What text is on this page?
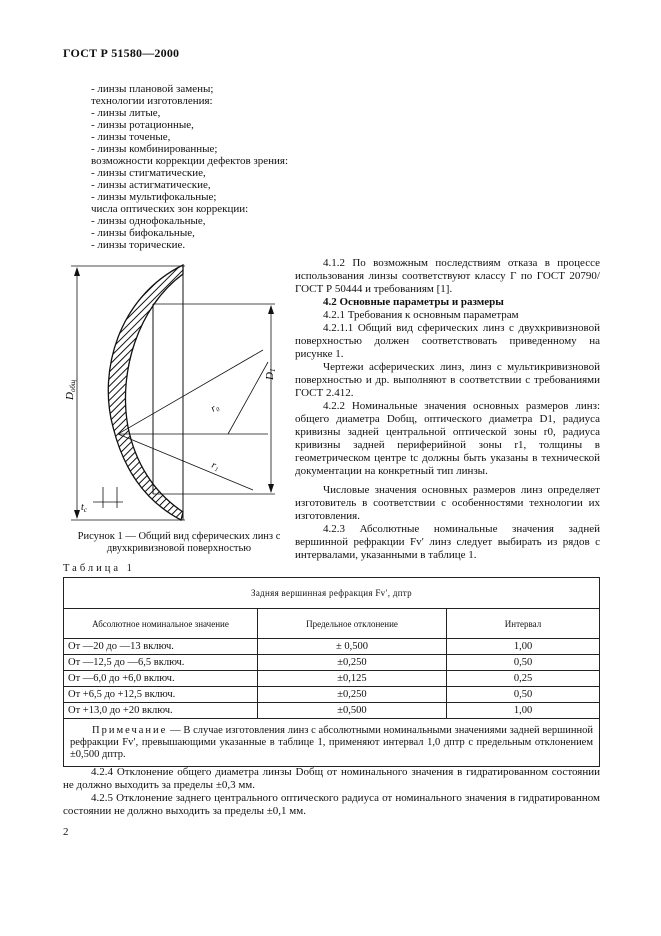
ГОСТ Р 51580—2000
- линзы плановой замены;
технологии изготовления:
- линзы литые,
- линзы ротационные,
- линзы точеные,
- линзы комбинированные;
возможности коррекции дефектов зрения:
- линзы стигматические,
- линзы астигматические,
- линзы мультифокальные;
числа оптических зон коррекции:
- линзы однофокальные,
- линзы бифокальные,
- линзы торические.
Dобщ
D1
r₀
r₁
$t_c$
Рисунок 1 — Общий вид сферических линз с двухкривизновой поверхностью
4.1.2 По возможным последствиям отказа в процессе использования линзы соответствуют классу Г по ГОСТ 20790/ГОСТ Р 50444 и требованиям [1].
4.2 Основные параметры и размеры
4.2.1 Требования к основным параметрам
4.2.1.1 Общий вид сферических линз с двухкривизновой поверхностью должен соответствовать приведенному на рисунке 1.
Чертежи асферических линз, линз с мультикривизновой поверхностью и др. выполняют в соответствии с требованиями ГОСТ 2.412.
4.2.2 Номинальные значения основных размеров линз: общего диаметра Dобщ, оптического диаметра D1, радиуса кривизны задней центральной оптической зоны r0, радиуса кривизны задней периферийной зоны r1, толщины в геометрическом центре tc должны быть указаны в технической документации на конкретный тип линзы.
Числовые значения основных размеров линз определяет изготовитель в соответствии с особенностями технологии их изготовления.
4.2.3 Абсолютные номинальные значения задней вершинной рефракции Fv′ линз следует выбирать из рядов с интервалами, указанными в таблице 1.
Таблица 1
Задняя вершинная рефракция Fv′, дптр		
Абсолютное номинальное значение	Предельное отклонение	Интервал
От —20 до —13 включ.	± 0,500	1,00
От —12,5 до —6,5 включ.	±0,250	0,50
От —6,0 до +6,0 включ.	±0,125	0,25
От +6,5 до +12,5 включ.	±0,250	0,50
От +13,0 до +20 включ.	±0,500	1,00
Примечание — В случае изготовления линз с абсолютными номинальными значениями задней вершинной рефракции Fv′, превышающими указанные в таблице 1, применяют интервал 1,0 дптр с предельным отклонением ±0,500 дптр.		
4.2.4 Отклонение общего диаметра линзы Dобщ от номинального значения в гидратированном состоянии не должно выходить за пределы ±0,3 мм.
4.2.5 Отклонение заднего центрального оптического радиуса от номинального значения в гидратированном состоянии не должно выходить за пределы ±0,1 мм.
2
